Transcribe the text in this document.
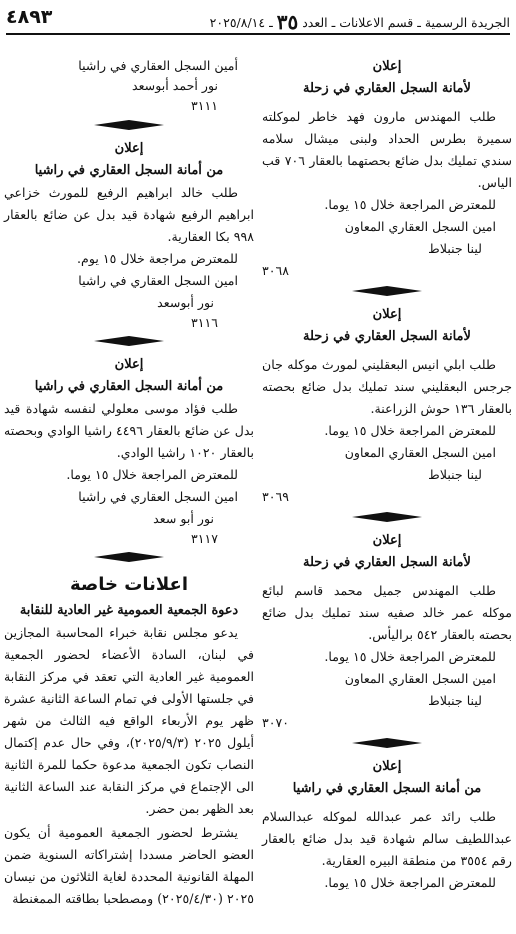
٤٨٩٣	الجريدة الرسمية ـ قسم الاعلانات ـ العدد ٣٥ ـ ٢٠٢٥/٨/١٤
إعلان
لأمانة السجل العقاري في زحلة

طلب المهندس مارون فهد خاطر لموكلته سميرة بطرس الحداد ولبنى ميشال سلامه سندي تمليك بدل ضائع بحصتهما بالعقار ٧٠٦ قب الياس.

للمعترض المراجعة خلال ١٥ يوما.

امين السجل العقاري المعاون

لينا جنبلاط

٣٠٦٨

إعلان
لأمانة السجل العقاري في زحلة

طلب ابلي انيس البعقليني لمورث موكله جان جرجس البعقليني سند تمليك بدل ضائع بحصته بالعقار ١٣٦ حوش الزراعنة.

للمعترض المراجعة خلال ١٥ يوما.

امين السجل العقاري المعاون

لينا جنبلاط

٣٠٦٩

إعلان
لأمانة السجل العقاري في زحلة

طلب المهندس جميل محمد قاسم لبائع موكله عمر خالد صفيه سند تمليك بدل ضائع بحصته بالعقار ٥٤٢ براليأس.

للمعترض المراجعة خلال ١٥ يوما.

امين السجل العقاري المعاون

لينا جنبلاط

٣٠٧٠

إعلان
من أمانة السجل العقاري في راشيا

طلب رائد عمر عبدالله لموكله عبدالسلام عبداللطيف سالم شهادة قيد بدل ضائع بالعقار رقم ٣٥٥٤ من منطقة البيره العقارية.

للمعترض المراجعة خلال ١٥ يوما.

أمين السجل العقاري في راشيا

نور أحمد أبوسعد

٣١١١

إعلان
من أمانة السجل العقاري في راشيا

طلب خالد ابراهيم الرفيع للمورث خزاعي ابراهيم الرفيع شهادة قيد بدل عن ضائع بالعقار ٩٩٨ بكا العقارية.

للمعترض مراجعة خلال ١٥ يوم.

امين السجل العقاري في راشيا

نور أبوسعد

٣١١٦

إعلان
من أمانة السجل العقاري في راشيا

طلب فؤاد موسى معلولي لنفسه شهادة قيد بدل عن ضائع بالعقار ٤٤٩٦ راشيا الوادي وبحصته بالعقار ١٠٢٠ راشيا الوادي.

للمعترض المراجعة خلال ١٥ يوما.

امين السجل العقاري في راشيا

نور أبو سعد

٣١١٧

اعلانات خاصة
دعوة الجمعية العمومية غير العادية للنقابة

يدعو مجلس نقابة خبراء المحاسبة المجازين في لبنان، السادة الأعضاء لحضور الجمعية العمومية غير العادية التي تعقد في مركز النقابة في جلستها الأولى في تمام الساعة الثانية عشرة ظهر يوم الأربعاء الواقع فيه الثالث من شهر أيلول ٢٠٢٥ (٢٠٢٥/٩/٣)، وفي حال عدم إكتمال النصاب تكون الجمعية مدعوة حكما للمرة الثانية الى الإجتماع في مركز النقابة عند الساعة الثانية بعد الظهر بمن حضر.

يشترط لحضور الجمعية العمومية أن يكون العضو الحاضر مسددا إشتراكاته السنوية ضمن المهلة القانونية المحددة لغاية الثلاثون من نيسان ٢٠٢٥ (٢٠٢٥/٤/٣٠) ومصطحبا بطاقته الممغنطة
